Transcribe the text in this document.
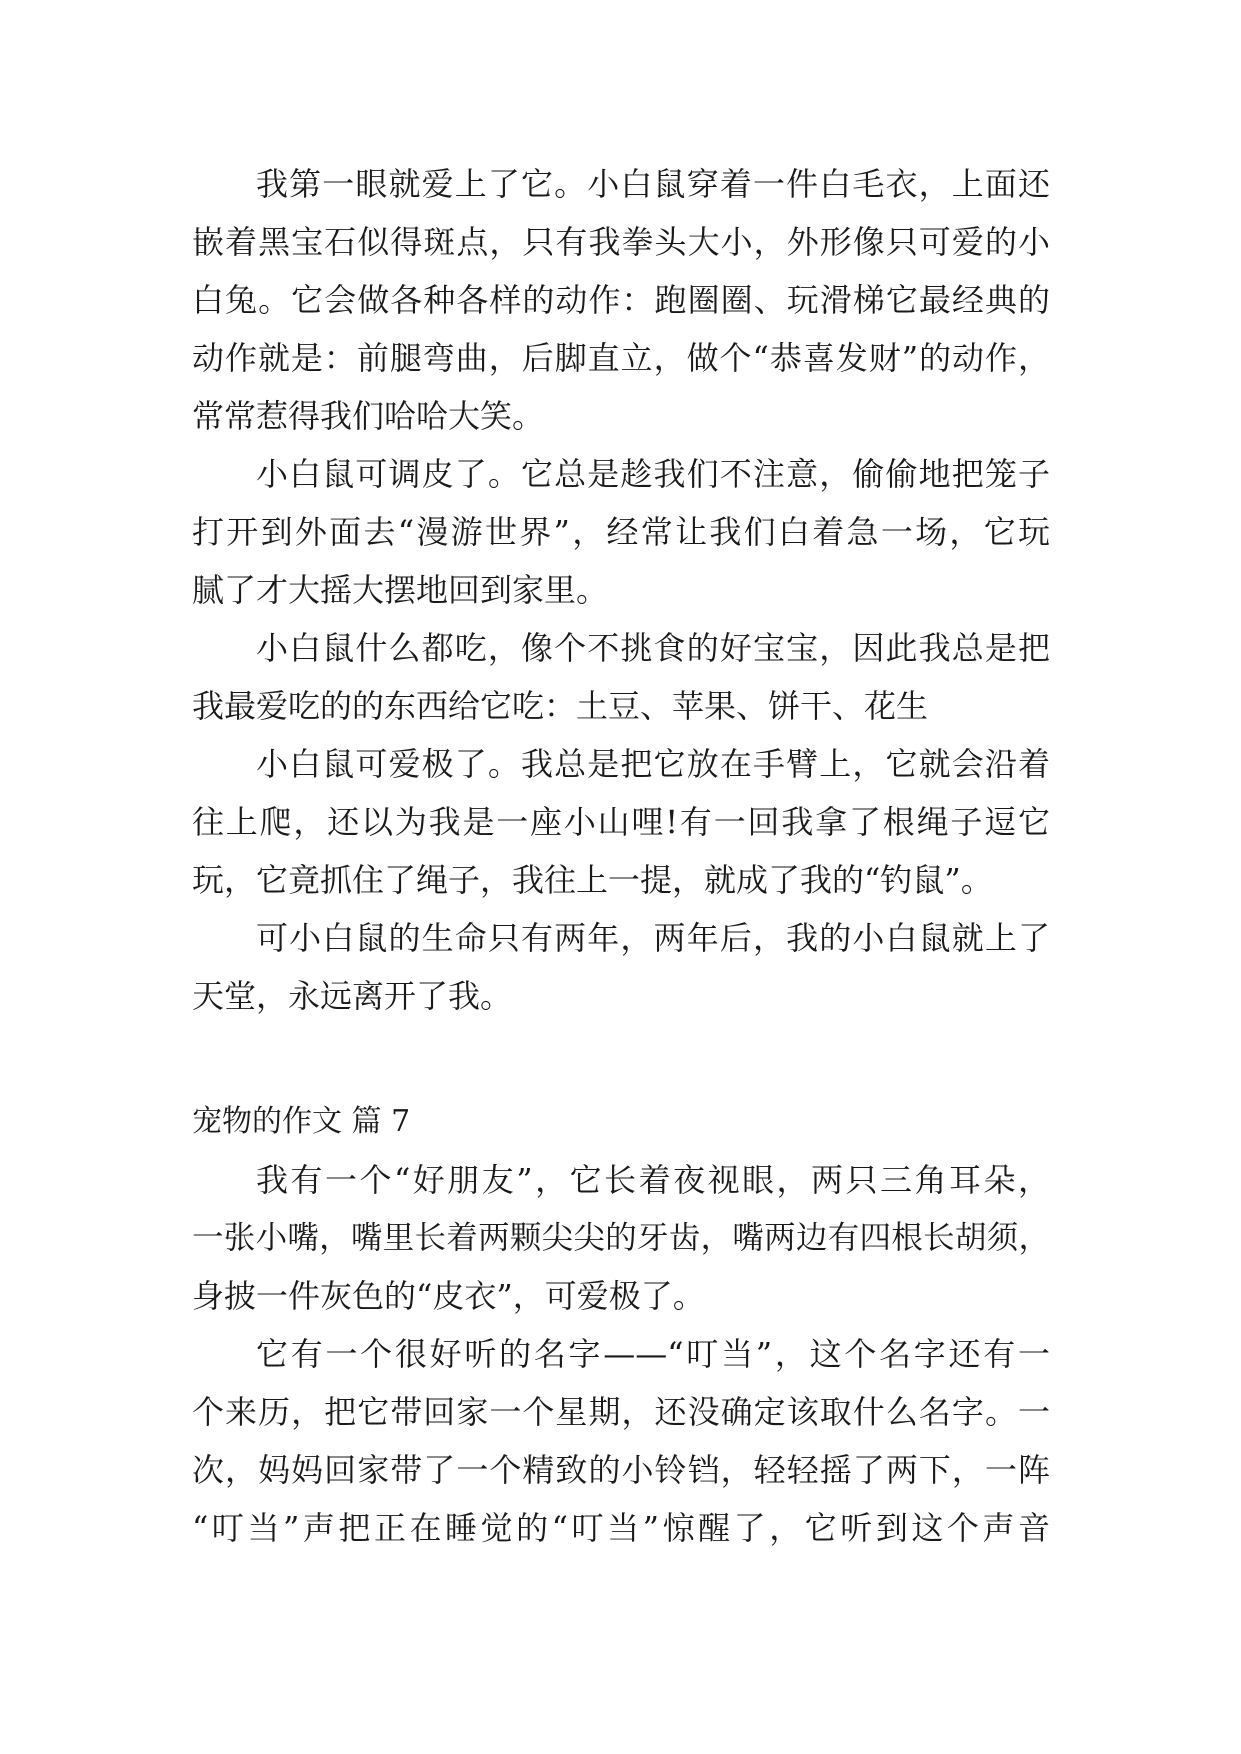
我第一眼就爱上了它。小白鼠穿着一件白毛衣，上面还
嵌着黑宝石似得斑点，只有我拳头大小，外形像只可爱的小
白兔。它会做各种各样的动作：跑圈圈、玩滑梯它最经典的
动作就是：前腿弯曲，后脚直立，做个“恭喜发财”的动作，
常常惹得我们哈哈大笑。
小白鼠可调皮了。它总是趁我们不注意，偷偷地把笼子
打开到外面去“漫游世界”，经常让我们白着急一场，它玩
腻了才大摇大摆地回到家里。
小白鼠什么都吃，像个不挑食的好宝宝，因此我总是把
我最爱吃的的东西给它吃：土豆、苹果、饼干、花生
小白鼠可爱极了。我总是把它放在手臂上，它就会沿着
往上爬，还以为我是一座小山哩!有一回我拿了根绳子逗它
玩，它竟抓住了绳子，我往上一提，就成了我的“钓鼠”。
可小白鼠的生命只有两年，两年后，我的小白鼠就上了
天堂，永远离开了我。
宠物的作文 篇 7
我有一个“好朋友”，它长着夜视眼，两只三角耳朵，
一张小嘴，嘴里长着两颗尖尖的牙齿，嘴两边有四根长胡须，
身披一件灰色的“皮衣”，可爱极了。
它有一个很好听的名字——“叮当”，这个名字还有一
个来历，把它带回家一个星期，还没确定该取什么名字。一
次，妈妈回家带了一个精致的小铃铛，轻轻摇了两下，一阵
“叮当”声把正在睡觉的“叮当”惊醒了，它听到这个声音
